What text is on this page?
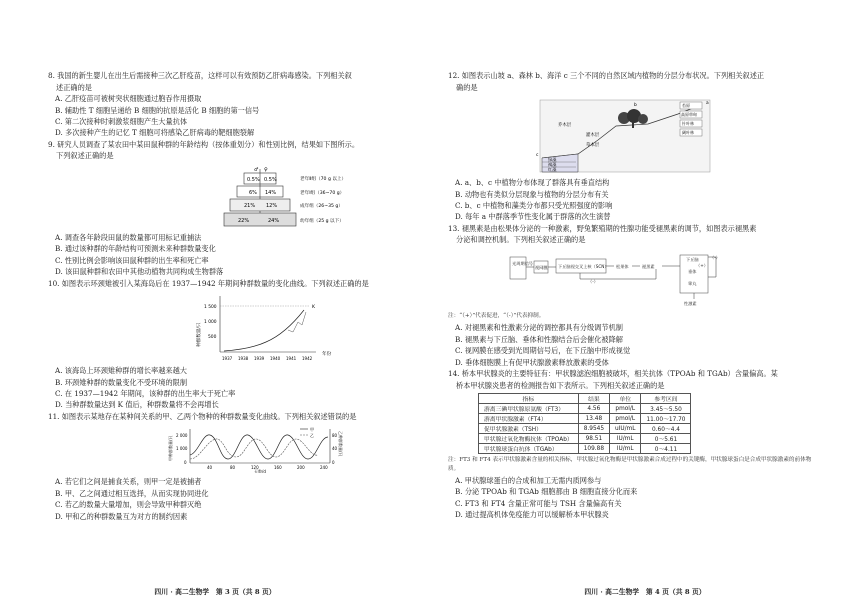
8. 我国的新生婴儿在出生后需接种三次乙肝疫苗，这样可以有效预防乙肝病毒感染。下列相关叙

述正确的是

A. 乙肝疫苗可被树突状细胞通过胞吞作用摄取

B. 辅助性 T 细胞呈递给 B 细胞的抗原是活化 B 细胞的第一信号

C. 第二次接种时刺激浆细胞产生大量抗体

D. 多次接种产生的记忆 T 细胞可将感染乙肝病毒的靶细胞裂解

9. 研究人员调查了某农田中某田鼠种群的年龄结构（按体重划分）和性别比例，结果如下图所示。

下列叙述正确的是

♂ ♀
0.5% 0.5%
6% 14%
21% 12%
22%	24%
老年Ⅱ组（70 g 以上）
老年Ⅰ组（36~70 g）
成年组（26~35 g）
幼年组（25 g 以下）

A. 调查各年龄段田鼠的数量都可用标记重捕法

B. 通过该种群的年龄结构可预测未来种群数量变化

C. 性别比例会影响该田鼠种群的出生率和死亡率

D. 该田鼠种群和农田中其他动植物共同构成生物群落

10. 如图表示环颈雉被引入某海岛后在 1937—1942 年期间种群数量的变化曲线。下列叙述正确的是

种群数量/只
1 500
1 000
500
K
年份
1937 1938 1939 1940 1941 1942

A. 该海岛上环颈雉种群的增长率越来越大

B. 环颈雉种群的数量变化不受环境的限制

C. 在 1937—1942 年期间，该种群的出生率大于死亡率

D. 当种群数量达到 K 值后，种群数量将不会再增长

11. 如图表示某地存在某种间关系的甲、乙两个物种的种群数量变化曲线。下列相关叙述错误的是

甲种群数量/只	乙种群数量/只
2 000
1 000
0
80
40
0
甲
乙
40	80	120	160	200	240
天数/d

A. 若它们之间是捕食关系，则甲一定是被捕者

B. 甲、乙之间通过相互选择，从而实现协同进化

C. 若乙的数量大量增加，则会导致甲种群灭绝

D. 甲和乙的种群数量互为对方的制约因素

四川 · 高二生物学　第 3 页（共 8 页）

12. 如图表示山坡 a、森林 b、海洋 c 三个不同的自然区域内植物的分层分布状况。下列相关叙述正

确的是

a
b
c
乔木层
灌木层
草本层
绿藻
褐藻
红藻
苔原
高原草甸
针叶林
阔叶林

A. a、b、c 中植物分布体现了群落具有垂直结构

B. 动物也有类似分层现象与植物的分层分布有关

C. b、c 中植物和藻类分布都只受光照强度的影响

D. 每年 a 中群落季节性变化属于群落的次生演替

13. 褪黑素是由松果体分泌的一种激素，野兔繁殖期的性腺功能受褪黑素的调节，如图表示褪黑素

分泌和调控机制。下列相关叙述正确的是

光周期信号
视网膜 下丘脑视交叉上核（SCN） 松果体	褪黑素
下丘脑
垂体
睾丸
性激素
（+）
（-）
（-）

注：“（+）”代表促进，“（-）”代表抑制。

A. 对褪黑素和性激素分泌的调控都具有分级调节机制

B. 褪黑素与下丘脑、垂体和性腺结合后会催化被降解

C. 视网膜在感受到光周期信号后，在下丘脑中形成视觉

D. 垂体细胞膜上有促甲状腺激素释放激素的受体

14. 桥本甲状腺炎的主要特征有：甲状腺滤泡细胞被破坏，相关抗体（TPOAb 和 TGAb）含量偏高。某

桥本甲状腺炎患者的检测报告如下表所示。下列相关叙述正确的是

指标	结果	单位	参考区间
游离三碘甲状腺原氨酸（FT3）	4.56	pmol/L	3.45～5.50
游离甲状腺激素（FT4）	13.48	pmol/L	11.00～17.70
促甲状腺激素（TSH）	8.9545	uIU/mL	0.60～4.4
甲状腺过氧化物酶抗体（TPOAb）	98.51	IU/mL	0～5.61
甲状腺球蛋白抗体（TGAb）	109.88	IU/mL	0～4.11

注：FT3 和 FT4 表示甲状腺激素含量的相关指标，甲状腺过氧化物酶是甲状腺激素合成过程中的关键酶，甲状腺球蛋白是合成甲状腺激素的前体物质。

A. 甲状腺球蛋白的合成和加工无需内质网参与

B. 分泌 TPOAb 和 TGAb 细胞都由 B 细胞直接分化而来

C. FT3 和 FT4 含量正常可能与 TSH 含量偏高有关

D. 通过提高机体免疫能力可以缓解桥本甲状腺炎

四川 · 高二生物学　第 4 页（共 8 页）
